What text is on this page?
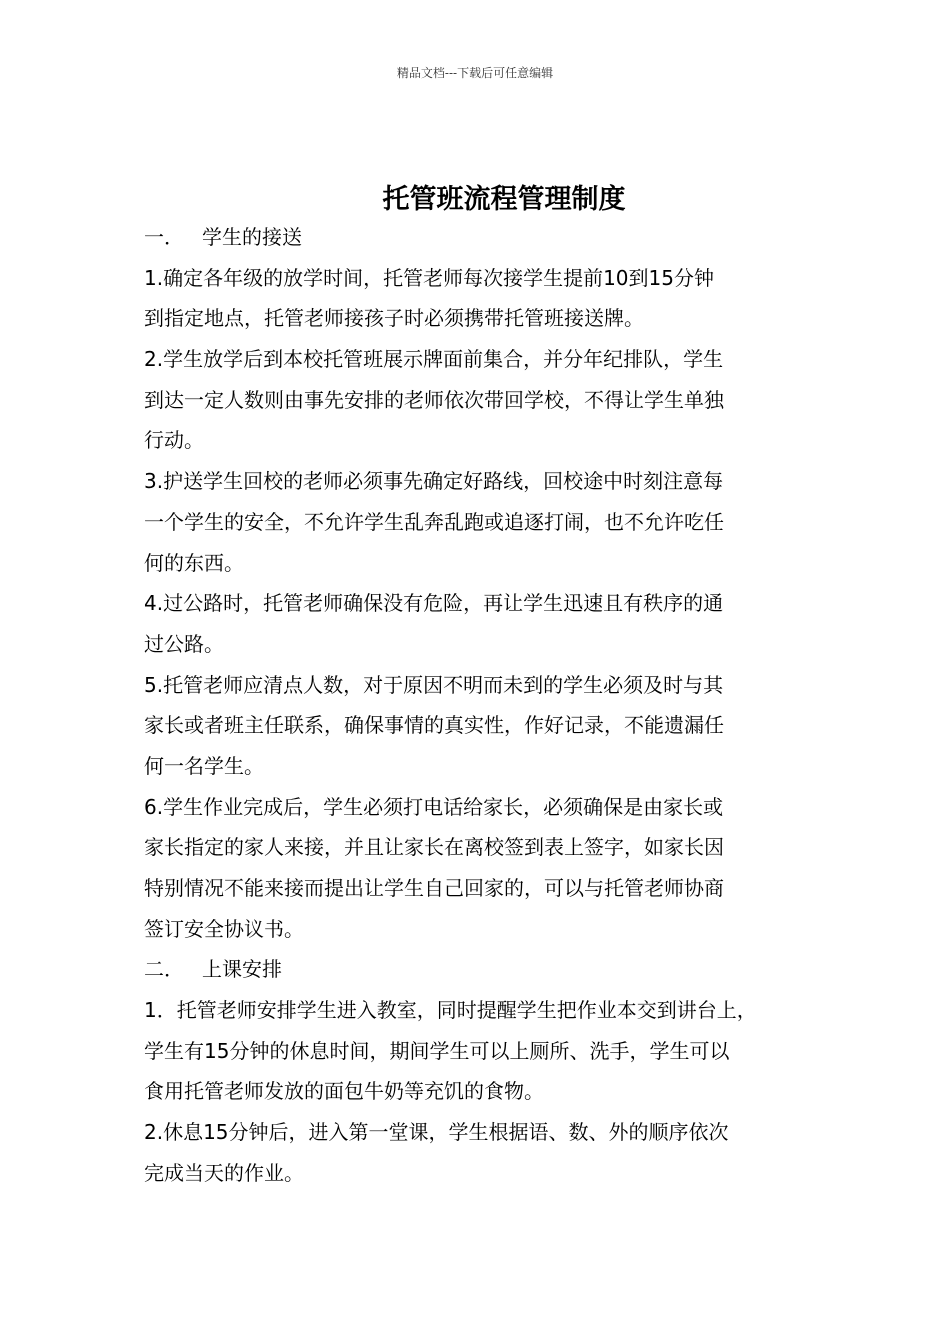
精品文档---下载后可任意编辑
托管班流程管理制度
一． 学生的接送
1.确定各年级的放学时间，托管老师每次接学生提前10到15分钟
到指定地点，托管老师接孩子时必须携带托管班接送牌。
2.学生放学后到本校托管班展示牌面前集合，并分年纪排队，学生
到达一定人数则由事先安排的老师依次带回学校，不得让学生单独
行动。
3.护送学生回校的老师必须事先确定好路线，回校途中时刻注意每
一个学生的安全，不允许学生乱奔乱跑或追逐打闹，也不允许吃任
何的东西。
4.过公路时，托管老师确保没有危险，再让学生迅速且有秩序的通
过公路。
5.托管老师应清点人数，对于原因不明而未到的学生必须及时与其
家长或者班主任联系，确保事情的真实性，作好记录，不能遗漏任
何一名学生。
6.学生作业完成后，学生必须打电话给家长，必须确保是由家长或
家长指定的家人来接，并且让家长在离校签到表上签字，如家长因
特别情况不能来接而提出让学生自己回家的，可以与托管老师协商
签订安全协议书。
二． 上课安排
1．托管老师安排学生进入教室，同时提醒学生把作业本交到讲台上，
学生有15分钟的休息时间，期间学生可以上厕所、洗手，学生可以
食用托管老师发放的面包牛奶等充饥的食物。
2.休息15分钟后，进入第一堂课，学生根据语、数、外的顺序依次
完成当天的作业。
